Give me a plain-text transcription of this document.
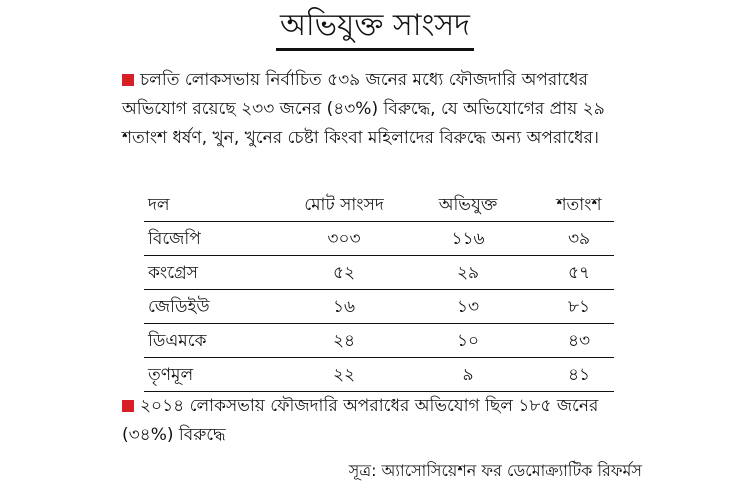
অভিযুক্ত সাংসদ
চলতি লোকসভায় নির্বাচিত ৫৩৯ জনের মধ্যে ফৌজদারি অপরাধের অভিযোগ রয়েছে ২৩৩ জনের (৪৩%) বিরুদ্ধে, যে অভিযোগের প্রায় ২৯ শতাংশ ধর্ষণ, খুন, খুনের চেষ্টা কিংবা মহিলাদের বিরুদ্ধে অন্য অপরাধের।
দল	মোট সাংসদ	অভিযুক্ত	শতাংশ
বিজেপি	৩০৩	১১৬	৩৯
কংগ্রেস	৫২	২৯	৫৭
জেডিইউ	১৬	১৩	৮১
ডিএমকে	২৪	১০	৪৩
তৃণমূল	২২	৯	৪১
২০১৪ লোকসভায় ফৌজদারি অপরাধের অভিযোগ ছিল ১৮৫ জনের (৩৪%) বিরুদ্ধে
সূত্র: অ্যাসোসিয়েশন ফর ডেমোক্র্যাটিক রিফর্মস
